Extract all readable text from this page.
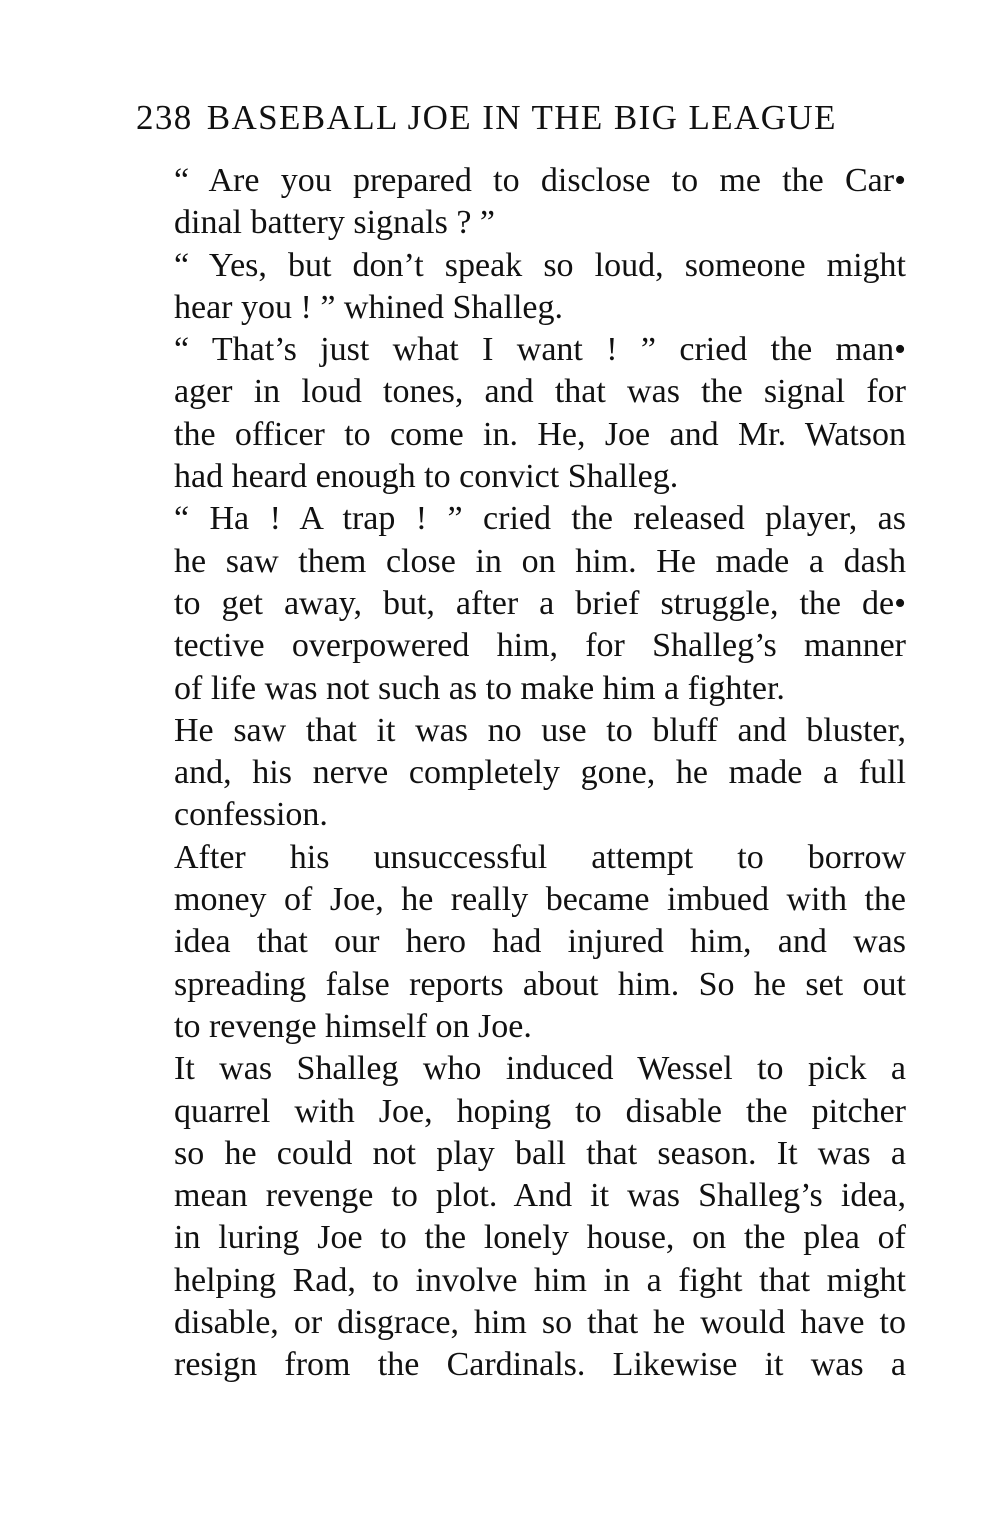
238 BASEBALL JOE IN THE BIG LEAGUE
“ Are you prepared to disclose to me the Car•
dinal battery signals ? ”
“ Yes, but don’t speak so loud, someone might
hear you ! ” whined Shalleg.
“ That’s just what I want ! ” cried the man•
ager in loud tones, and that was the signal for
the officer to come in. He, Joe and Mr. Watson
had heard enough to convict Shalleg.
“ Ha ! A trap ! ” cried the released player, as
he saw them close in on him. He made a dash
to get away, but, after a brief struggle, the de•
tective overpowered him, for Shalleg’s manner
of life was not such as to make him a fighter.
He saw that it was no use to bluff and bluster,
and, his nerve completely gone, he made a full
confession.
After his unsuccessful attempt to borrow
money of Joe, he really became imbued with the
idea that our hero had injured him, and was
spreading false reports about him. So he set out
to revenge himself on Joe.
It was Shalleg who induced Wessel to pick a
quarrel with Joe, hoping to disable the pitcher
so he could not play ball that season. It was a
mean revenge to plot. And it was Shalleg’s idea,
in luring Joe to the lonely house, on the plea of
helping Rad, to involve him in a fight that might
disable, or disgrace, him so that he would have to
resign from the Cardinals. Likewise it was a
